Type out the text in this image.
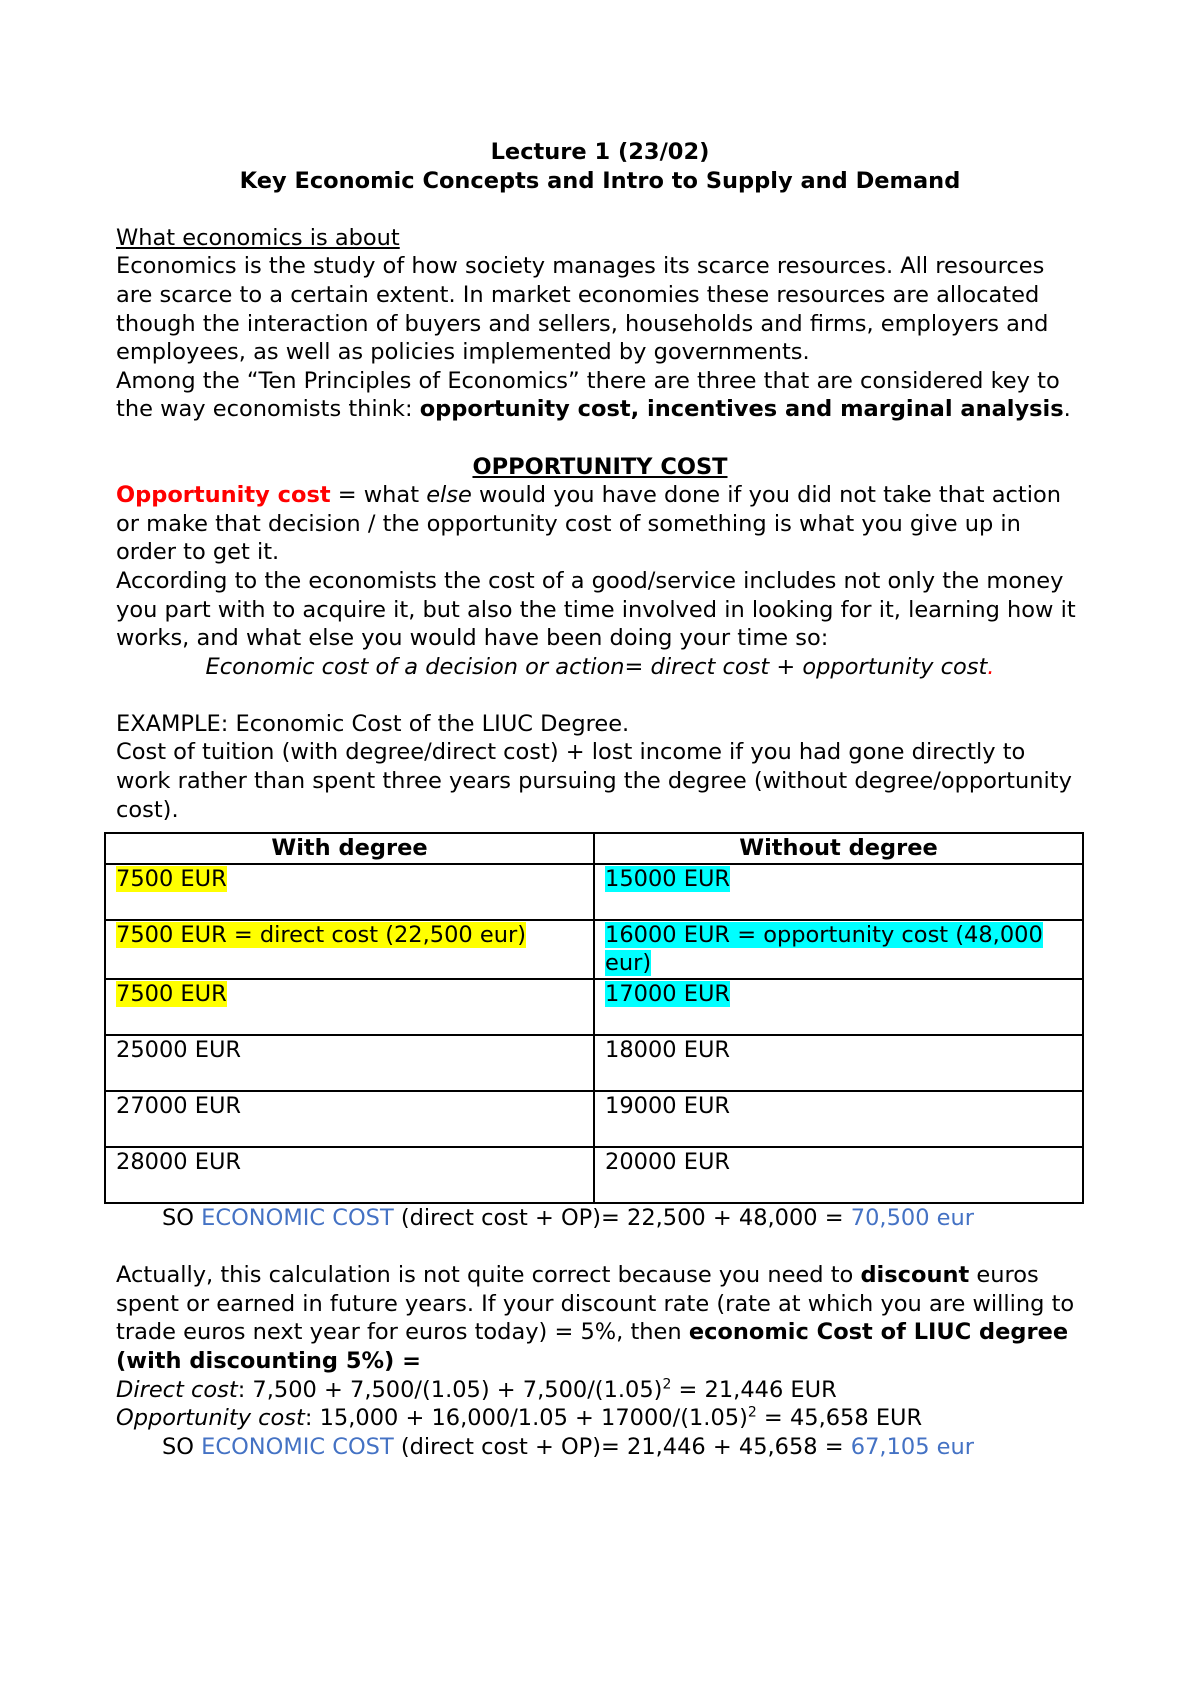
Lecture 1 (23/02)
Key Economic Concepts and Intro to Supply and Demand
What economics is about
Economics is the study of how society manages its scarce resources. All resources are scarce to a certain extent. In market economies these resources are allocated though the interaction of buyers and sellers, households and firms, employers and employees, as well as policies implemented by governments.
Among the “Ten Principles of Economics” there are three that are considered key to the way economists think: opportunity cost, incentives and marginal analysis.
OPPORTUNITY COST
Opportunity cost = what else would you have done if you did not take that action or make that decision / the opportunity cost of something is what you give up in order to get it.
According to the economists the cost of a good/service includes not only the money you part with to acquire it, but also the time involved in looking for it, learning how it works, and what else you would have been doing your time so:
Economic cost of a decision or action= direct cost + opportunity cost.
EXAMPLE: Economic Cost of the LIUC Degree.
Cost of tuition (with degree/direct cost) + lost income if you had gone directly to work rather than spent three years pursuing the degree (without degree/opportunity cost).
With degree	Without degree
7500 EUR	15000 EUR
7500 EUR = direct cost (22,500 eur)	16000 EUR = opportunity cost (48,000 eur)
7500 EUR	17000 EUR
25000 EUR	18000 EUR
27000 EUR	19000 EUR
28000 EUR	20000 EUR
SO ECONOMIC COST (direct cost + OP)= 22,500 + 48,000 = 70,500 eur
Actually, this calculation is not quite correct because you need to discount euros spent or earned in future years. If your discount rate (rate at which you are willing to trade euros next year for euros today) = 5%, then economic Cost of LIUC degree (with discounting 5%) =
Direct cost: $7,500 + 7,500/(1.05) + 7,500/(1.05)^2 = 21,446$ EUR
Opportunity cost: $15,000 + 16,000/1.05 + 17000/(1.05)^2 = 45,658$ EUR
SO ECONOMIC COST (direct cost + OP)= 21,446 + 45,658 = 67,105 eur
